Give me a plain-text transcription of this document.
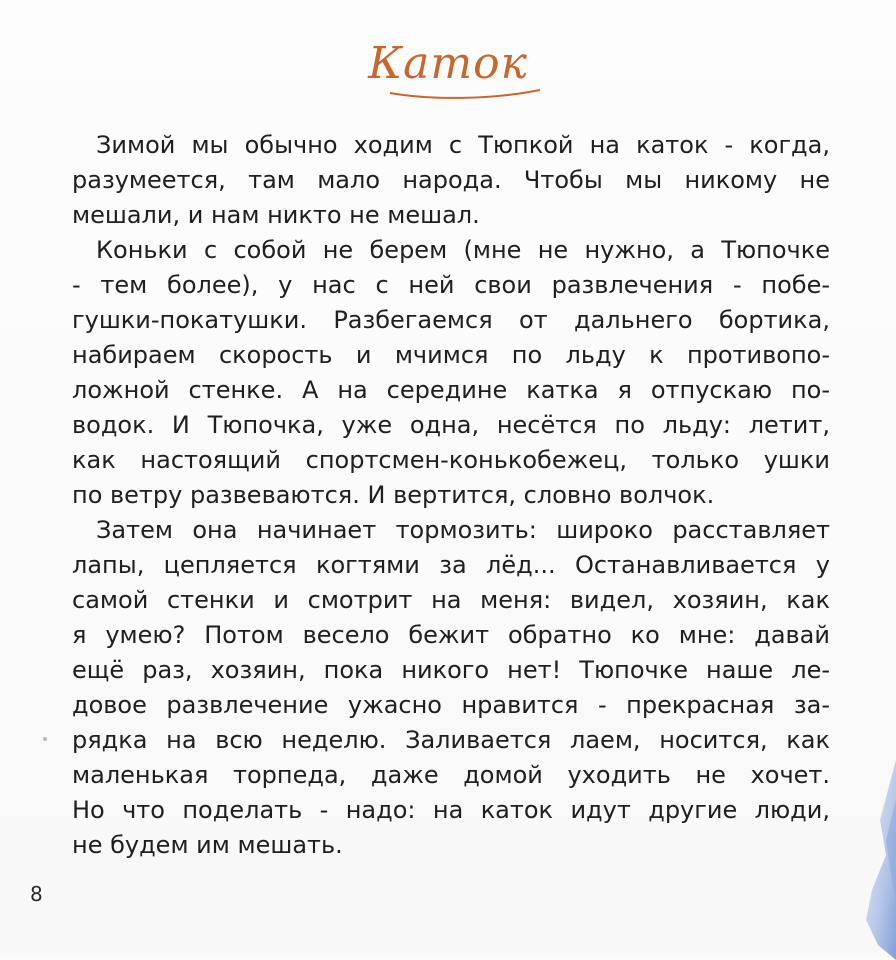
Каток
Зимой мы обычно ходим с Тюпкой на каток - когда,
разумеется, там мало народа. Чтобы мы никому не
мешали, и нам никто не мешал.
Коньки с собой не берем (мне не нужно, а Тюпочке
- тем более), у нас с ней свои развлечения - побе-
гушки-покатушки. Разбегаемся от дальнего бортика,
набираем скорость и мчимся по льду к противопо-
ложной стенке. А на середине катка я отпускаю по-
водок. И Тюпочка, уже одна, несётся по льду: летит,
как настоящий спортсмен-конькобежец, только ушки
по ветру развеваются. И вертится, словно волчок.
Затем она начинает тормозить: широко расставляет
лапы, цепляется когтями за лёд... Останавливается у
самой стенки и смотрит на меня: видел, хозяин, как
я умею? Потом весело бежит обратно ко мне: давай
ещё раз, хозяин, пока никого нет! Тюпочке наше ле-
довое развлечение ужасно нравится - прекрасная за-
рядка на всю неделю. Заливается лаем, носится, как
маленькая торпеда, даже домой уходить не хочет.
Но что поделать - надо: на каток идут другие люди,
не будем им мешать.
8
